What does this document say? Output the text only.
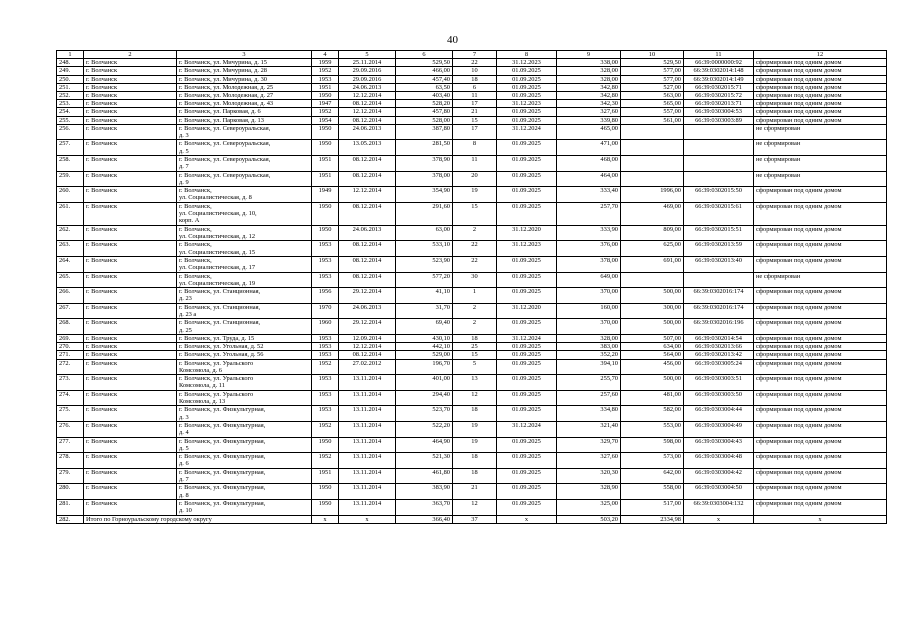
40
1	2	3	4	5	6	7	8	9	10	11	12
248.	г. Волчанск	г. Волчанск, ул. Мичурина, д. 15	1959	25.11.2014	529,50	22	31.12.2023	338,00	529,50	66:39:0000000:92	сформирован под одним домом
249.	г. Волчанск	г. Волчанск, ул. Мичурина, д. 28	1952	29.09.2016	466,00	10	01.09.2025	328,00	577,00	66:39:0302014:148	сформирован под одним домом
250.	г. Волчанск	г. Волчанск, ул. Мичурина, д. 30	1953	29.09.2016	457,40	18	01.09.2025	328,00	577,00	66:39:0302014:149	сформирован под одним домом
251.	г. Волчанск	г. Волчанск, ул. Молодежная, д. 25	1951	24.06.2013	63,50	6	01.09.2025	342,80	527,00	66:39:0302015:71	сформирован под одним домом
252.	г. Волчанск	г. Волчанск, ул. Молодежная, д. 27	1950	12.12.2014	403,40	11	01.09.2025	342,80	563,00	66:39:0302015:72	сформирован под одним домом
253.	г. Волчанск	г. Волчанск, ул. Молодежная, д. 43	1947	08.12.2014	528,20	17	31.12.2023	342,30	565,00	66:39:0302013:71	сформирован под одним домом
254.	г. Волчанск	г. Волчанск, ул. Парковая, д. 6	1952	12.12.2014	457,80	21	01.09.2025	327,60	557,00	66:39:0303004:53	сформирован под одним домом
255.	г. Волчанск	г. Волчанск, ул. Парковая, д. 13	1954	08.12.2014	528,00	15	01.09.2025	339,80	561,00	66:39:0303003:89	сформирован под одним домом
256.	г. Волчанск	г. Волчанск, ул. Североуральская,
д. 3	1950	24.06.2013	387,80	17	31.12.2024	465,00			не сформирован
257.	г. Волчанск	г. Волчанск, ул. Североуральская,
д. 5	1950	13.05.2013	281,50	8	01.09.2025	471,00			не сформирован
258.	г. Волчанск	г. Волчанск, ул. Североуральская,
д. 7	1951	08.12.2014	378,90	11	01.09.2025	468,00			не сформирован
259.	г. Волчанск	г. Волчанск, ул. Североуральская,
д. 9	1951	08.12.2014	378,00	20	01.09.2025	464,00			не сформирован
260.	г. Волчанск	г. Волчанск,
ул. Социалистическая, д. 8	1949	12.12.2014	354,90	19	01.09.2025	333,40	1996,00	66:39:0302015:50	сформирован под одним домом
261.	г. Волчанск	г. Волчанск,
ул. Социалистическая, д. 10,
корп. А	1950	08.12.2014	291,60	15	01.09.2025	257,70	469,00	66:39:0302015:61	сформирован под одним домом
262.	г. Волчанск	г. Волчанск,
ул. Социалистическая, д. 12	1950	24.06.2013	63,00	2	31.12.2020	333,90	809,00	66:39:0302015:51	сформирован под одним домом
263.	г. Волчанск	г. Волчанск,
ул. Социалистическая, д. 15	1953	08.12.2014	533,10	22	31.12.2023	376,00	625,00	66:39:0302013:59	сформирован под одним домом
264.	г. Волчанск	г. Волчанск,
ул. Социалистическая, д. 17	1953	08.12.2014	523,90	22	01.09.2025	378,00	691,00	66:39:0302013:40	сформирован под одним домом
265.	г. Волчанск	г. Волчанск,
ул. Социалистическая, д. 19	1953	08.12.2014	577,20	30	01.09.2025	649,00			не сформирован
266.	г. Волчанск	г. Волчанск, ул. Станционная,
д. 23	1956	29.12.2014	41,10	1	01.09.2025	370,00	500,00	66:39:0302016:174	сформирован под одним домом
267.	г. Волчанск	г. Волчанск, ул. Станционная,
д. 23 а	1970	24.06.2013	31,70	2	31.12.2020	160,00	300,00	66:39:0302016:174	сформирован под одним домом
268.	г. Волчанск	г. Волчанск, ул. Станционная,
д. 25	1960	29.12.2014	69,40	2	01.09.2025	370,00	500,00	66:39:0302016:196	сформирован под одним домом
269.	г. Волчанск	г. Волчанск, ул. Труда, д. 15	1953	12.09.2014	430,10	18	31.12.2024	328,00	507,00	66:39:0302014:54	сформирован под одним домом
270.	г. Волчанск	г. Волчанск, ул. Угольная, д. 52	1953	12.12.2014	442,10	25	01.09.2025	383,00	634,00	66:39:0302013:66	сформирован под одним домом
271.	г. Волчанск	г. Волчанск, ул. Угольная, д. 56	1953	08.12.2014	529,00	15	01.09.2025	352,20	564,00	66:39:0302013:42	сформирован под одним домом
272.	г. Волчанск	г. Волчанск, ул. Уральского
Комсомола, д. 6	1952	27.02.2012	196,70	5	01.09.2025	394,10	456,00	66:39:0303005:24	сформирован под одним домом
273.	г. Волчанск	г. Волчанск, ул. Уральского
Комсомола, д. 11	1953	13.11.2014	401,00	13	01.09.2025	255,70	500,00	66:39:0303003:51	сформирован под одним домом
274.	г. Волчанск	г. Волчанск, ул. Уральского
Комсомола, д. 13	1953	13.11.2014	294,40	12	01.09.2025	257,60	481,00	66:39:0303003:50	сформирован под одним домом
275.	г. Волчанск	г. Волчанск, ул. Физкультурная,
д. 3	1953	13.11.2014	523,70	18	01.09.2025	334,80	582,00	66:39:0303004:44	сформирован под одним домом
276.	г. Волчанск	г. Волчанск, ул. Физкультурная,
д. 4	1952	13.11.2014	522,20	19	31.12.2024	321,40	553,00	66:39:0303004:49	сформирован под одним домом
277.	г. Волчанск	г. Волчанск, ул. Физкультурная,
д. 5	1950	13.11.2014	464,90	19	01.09.2025	329,70	598,00	66:39:0303004:43	сформирован под одним домом
278.	г. Волчанск	г. Волчанск, ул. Физкультурная,
д. 6	1952	13.11.2014	521,30	18	01.09.2025	327,60	573,00	66:39:0303004:48	сформирован под одним домом
279.	г. Волчанск	г. Волчанск, ул. Физкультурная,
д. 7	1951	13.11.2014	461,80	18	01.09.2025	320,30	642,00	66:39:0303004:42	сформирован под одним домом
280.	г. Волчанск	г. Волчанск, ул. Физкультурная,
д. 8	1950	13.11.2014	383,90	21	01.09.2025	328,90	558,00	66:39:0303004:50	сформирован под одним домом
281.	г. Волчанск	г. Волчанск, ул. Физкультурная,
д. 10	1950	13.11.2014	363,70	12	01.09.2025	325,00	517,00	66:39:0303004:132	сформирован под одним домом
282.	Итого по Горноуральскому городскому округу		x	x	366,40	37	x	503,20	2334,98	x	x
